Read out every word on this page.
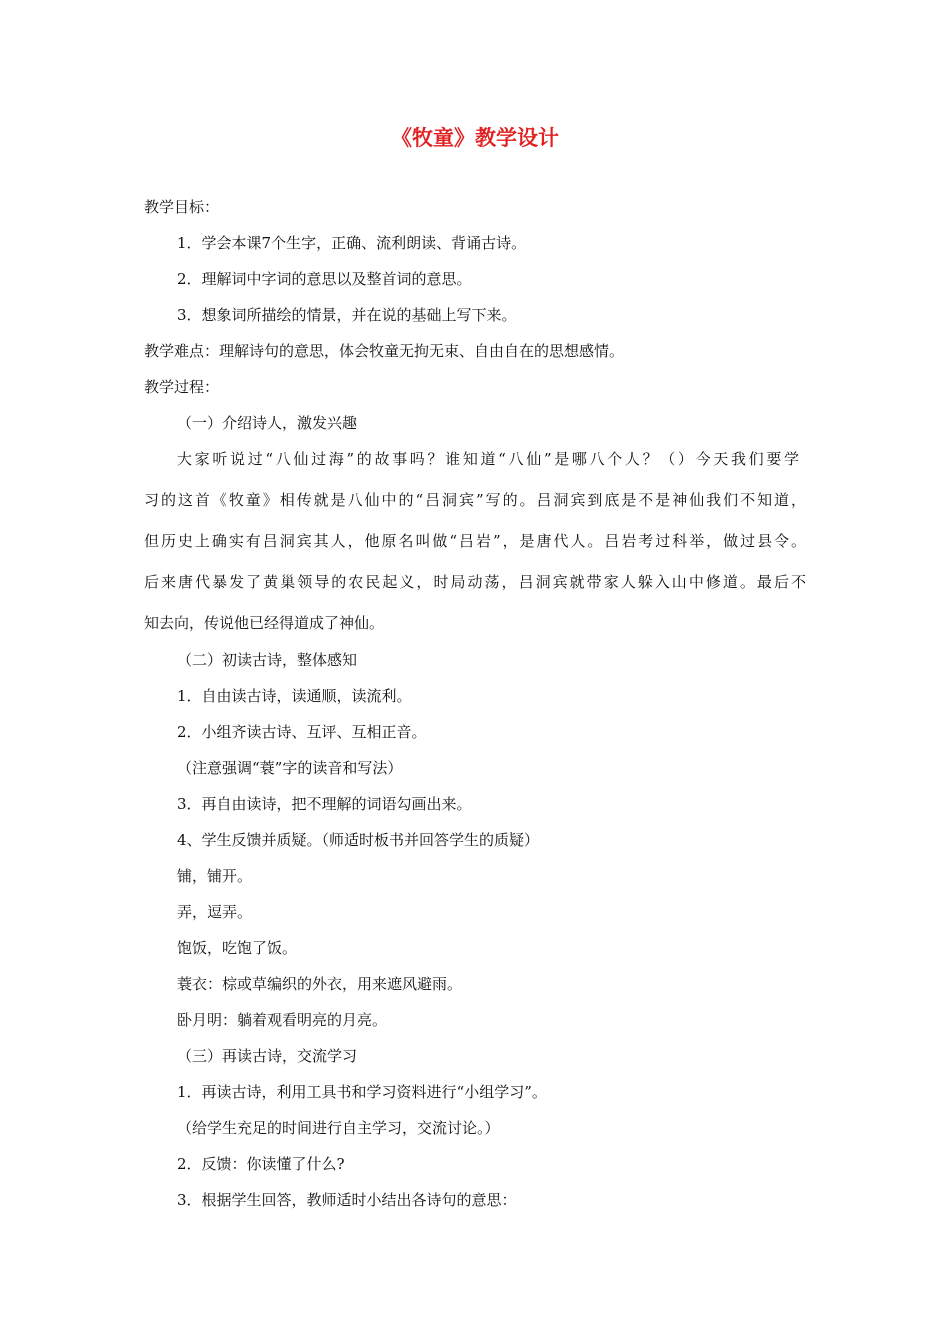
《牧童》教学设计
教学目标：
1．学会本课7个生字，正确、流利朗读、背诵古诗。
2．理解词中字词的意思以及整首词的意思。
3．想象词所描绘的情景，并在说的基础上写下来。
教学难点：理解诗句的意思，体会牧童无拘无束、自由自在的思想感情。
教学过程：
（一）介绍诗人，激发兴趣
大家听说过“八仙过海”的故事吗？谁知道“八仙”是哪八个人？（）今天我们要学
习的这首《牧童》相传就是八仙中的“吕洞宾”写的。吕洞宾到底是不是神仙我们不知道，
但历史上确实有吕洞宾其人，他原名叫做“吕岩”，是唐代人。吕岩考过科举，做过县令。
后来唐代暴发了黄巢领导的农民起义，时局动荡，吕洞宾就带家人躲入山中修道。最后不
知去向，传说他已经得道成了神仙。
（二）初读古诗，整体感知
1．自由读古诗，读通顺，读流利。
2．小组齐读古诗、互评、互相正音。
（注意强调“蓑”字的读音和写法）
3．再自由读诗，把不理解的词语勾画出来。
4、学生反馈并质疑。（师适时板书并回答学生的质疑）
铺，铺开。
弄，逗弄。
饱饭，吃饱了饭。
蓑衣：棕或草编织的外衣，用来遮风避雨。
卧月明：躺着观看明亮的月亮。
（三）再读古诗，交流学习
1．再读古诗，利用工具书和学习资料进行“小组学习”。
（给学生充足的时间进行自主学习，交流讨论。）
2．反馈：你读懂了什么?
3．根据学生回答，教师适时小结出各诗句的意思：
